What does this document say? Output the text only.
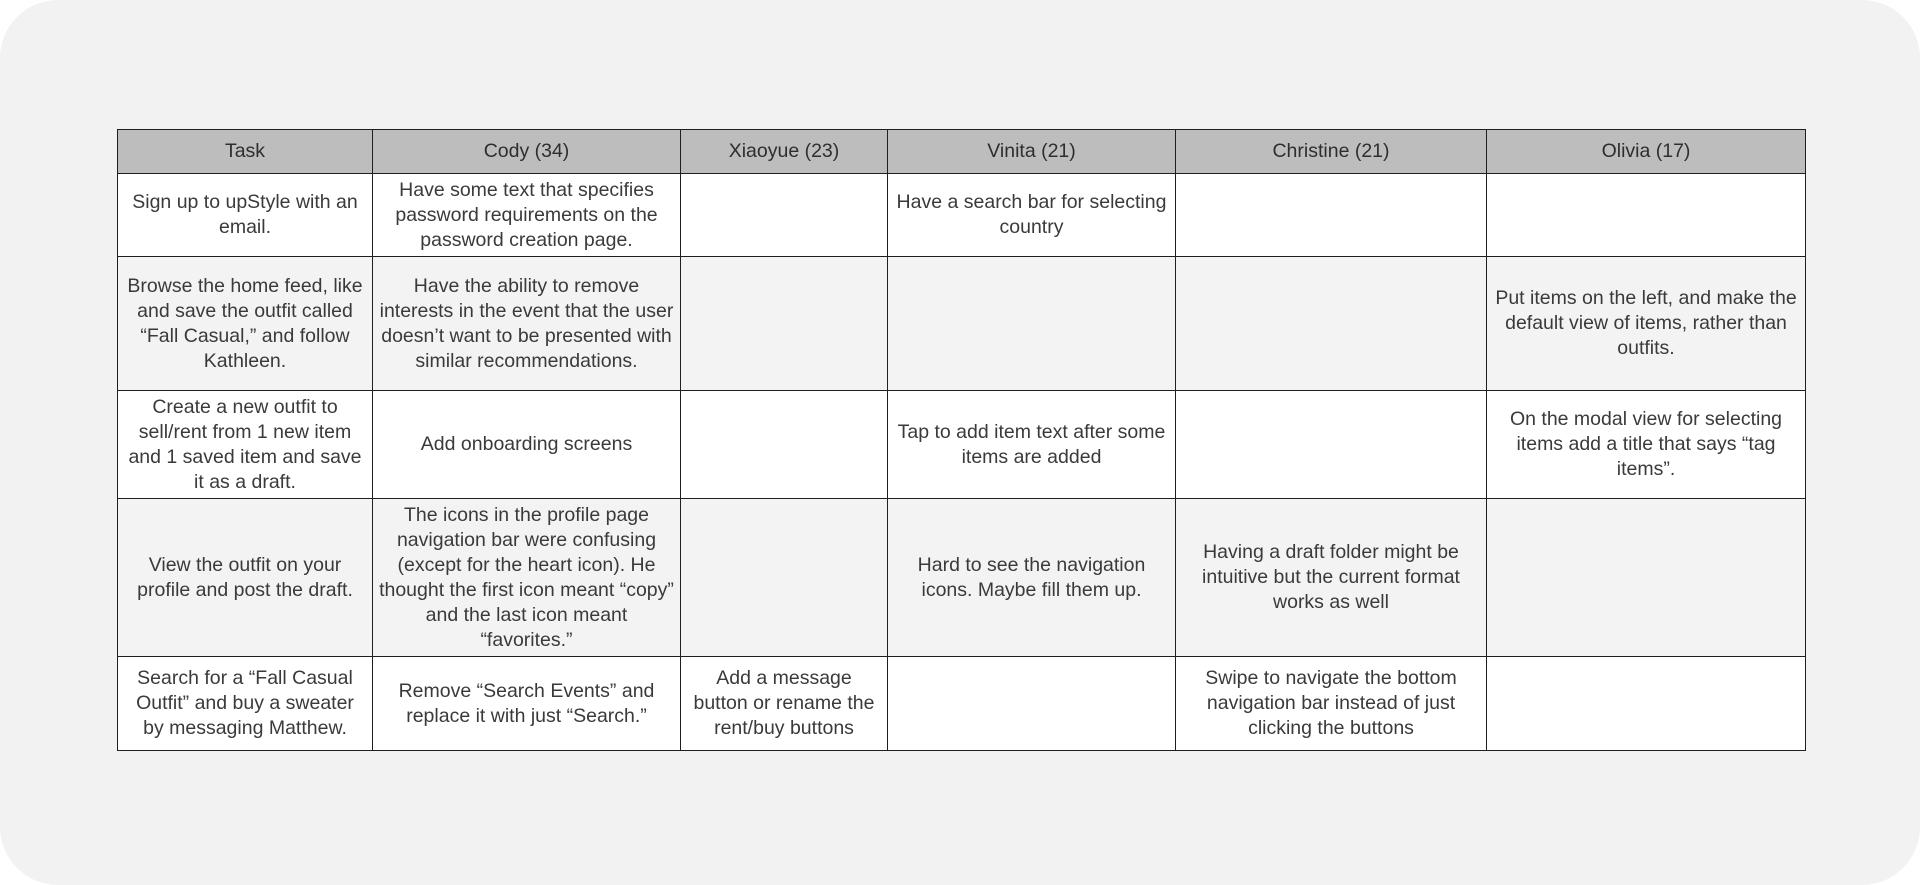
Task	Cody (34)	Xiaoyue (23)	Vinita (21)	Christine (21)	Olivia (17)
Sign up to upStyle with an email.	Have some text that specifies password requirements on the password creation page.		Have a search bar for selecting country		
Browse the home feed, like and save the outfit called “Fall Casual,” and follow Kathleen.	Have the ability to remove interests in the event that the user doesn’t want to be presented with similar recommendations.				Put items on the left, and make the default view of items, rather than outfits.
Create a new outfit to sell/rent from 1 new item and 1 saved item and save it as a draft.	Add onboarding screens		Tap to add item text after some items are added		On the modal view for selecting items add a title that says “tag items”.
View the outfit on your profile and post the draft.	The icons in the profile page navigation bar were confusing (except for the heart icon). He thought the first icon meant “copy” and the last icon meant “favorites.”		Hard to see the navigation icons. Maybe fill them up.	Having a draft folder might be intuitive but the current format works as well	
Search for a “Fall Casual Outfit” and buy a sweater by messaging Matthew.	Remove “Search Events” and replace it with just “Search.”	Add a message button or rename the rent/buy buttons		Swipe to navigate the bottom navigation bar instead of just clicking the buttons	
